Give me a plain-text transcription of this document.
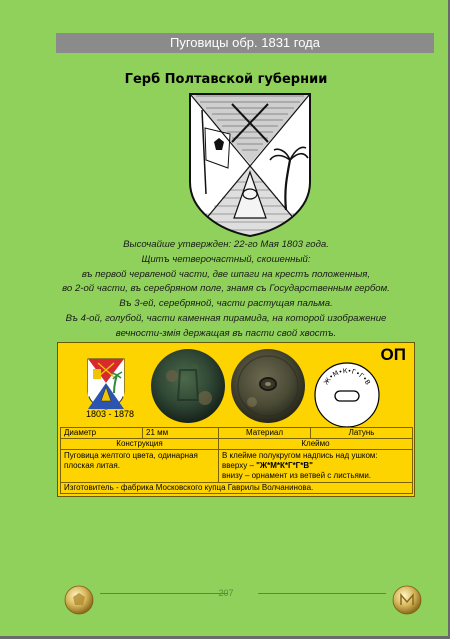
Пуговицы обр. 1831 года
Герб Полтавской губернии
Высочайше утвержден: 22-го Мая 1803 года.
Щитъ четверочастный, скошенный:
въ первой червленой части, две шпаги на крестъ положенныя,
во 2-ой части, въ серебряном поле, знамя съ Государственным гербом.
Въ 3-ей, серебряной, части растущая пальма.
Въ 4-ой, голубой, части каменная пирамида, на которой изображение
вечности-змія держащая въ пасти свой хвостъ.
ОП
1803 - 1878
Ж•М•К•Г•Г•В
Диаметр	21 мм	Материал	Латунь
Конструкция		Клеймо	
Пуговица желтого цвета, одинарная плоская литая.		В клейме полукругом надпись над ушком:
вверху – "Ж*М*К*Г*Г*В"
внизу – орнамент из ветвей с листьями.	

Изготовитель - фабрика Московского купца Гаврилы Волчанинова.			
207
